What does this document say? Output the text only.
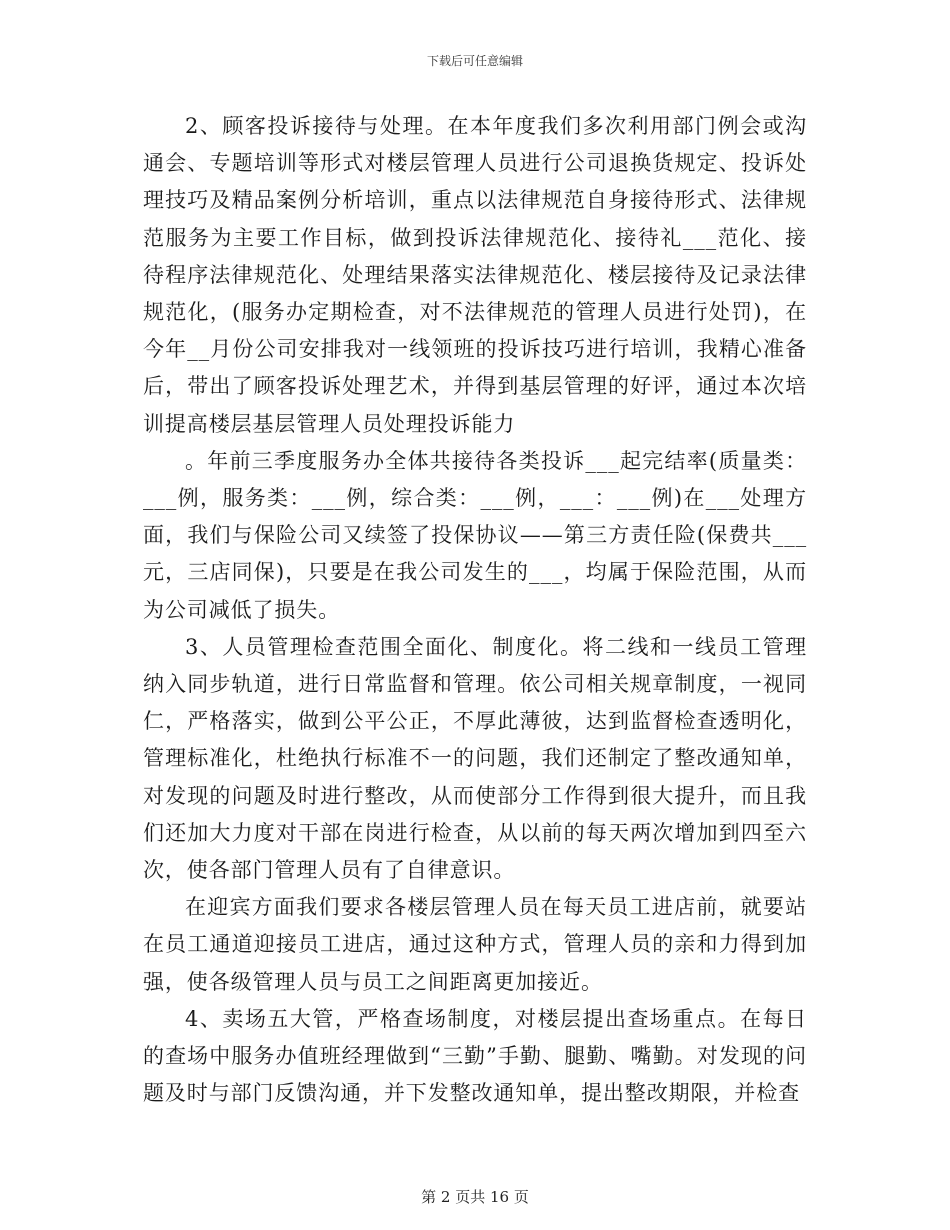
下载后可任意编辑

2、顾客投诉接待与处理。在本年度我们多次利用部门例会或沟通会、专题培训等形式对楼层管理人员进行公司退换货规定、投诉处理技巧及精品案例分析培训，重点以法律规范自身接待形式、法律规范服务为主要工作目标，做到投诉法律规范化、接待礼___范化、接待程序法律规范化、处理结果落实法律规范化、楼层接待及记录法律规范化，(服务办定期检查，对不法律规范的管理人员进行处罚)，在今年__月份公司安排我对一线领班的投诉技巧进行培训，我精心准备后，带出了顾客投诉处理艺术，并得到基层管理的好评，通过本次培训提高楼层基层管理人员处理投诉能力

。年前三季度服务办全体共接待各类投诉___起完结率(质量类：___例，服务类：___例，综合类：___例，___：___例)在___处理方面，我们与保险公司又续签了投保协议——第三方责任险(保费共___元，三店同保)，只要是在我公司发生的___，均属于保险范围，从而为公司减低了损失。

3、人员管理检查范围全面化、制度化。将二线和一线员工管理纳入同步轨道，进行日常监督和管理。依公司相关规章制度，一视同仁，严格落实，做到公平公正，不厚此薄彼，达到监督检查透明化，管理标准化，杜绝执行标准不一的问题，我们还制定了整改通知单，对发现的问题及时进行整改，从而使部分工作得到很大提升，而且我们还加大力度对干部在岗进行检查，从以前的每天两次增加到四至六次，使各部门管理人员有了自律意识。

在迎宾方面我们要求各楼层管理人员在每天员工进店前，就要站在员工通道迎接员工进店，通过这种方式，管理人员的亲和力得到加强，使各级管理人员与员工之间距离更加接近。

4、卖场五大管，严格查场制度，对楼层提出查场重点。在每日的查场中服务办值班经理做到“三勤”手勤、腿勤、嘴勤。对发现的问题及时与部门反馈沟通，并下发整改通知单，提出整改期限，并检查

第 2 页共 16 页
